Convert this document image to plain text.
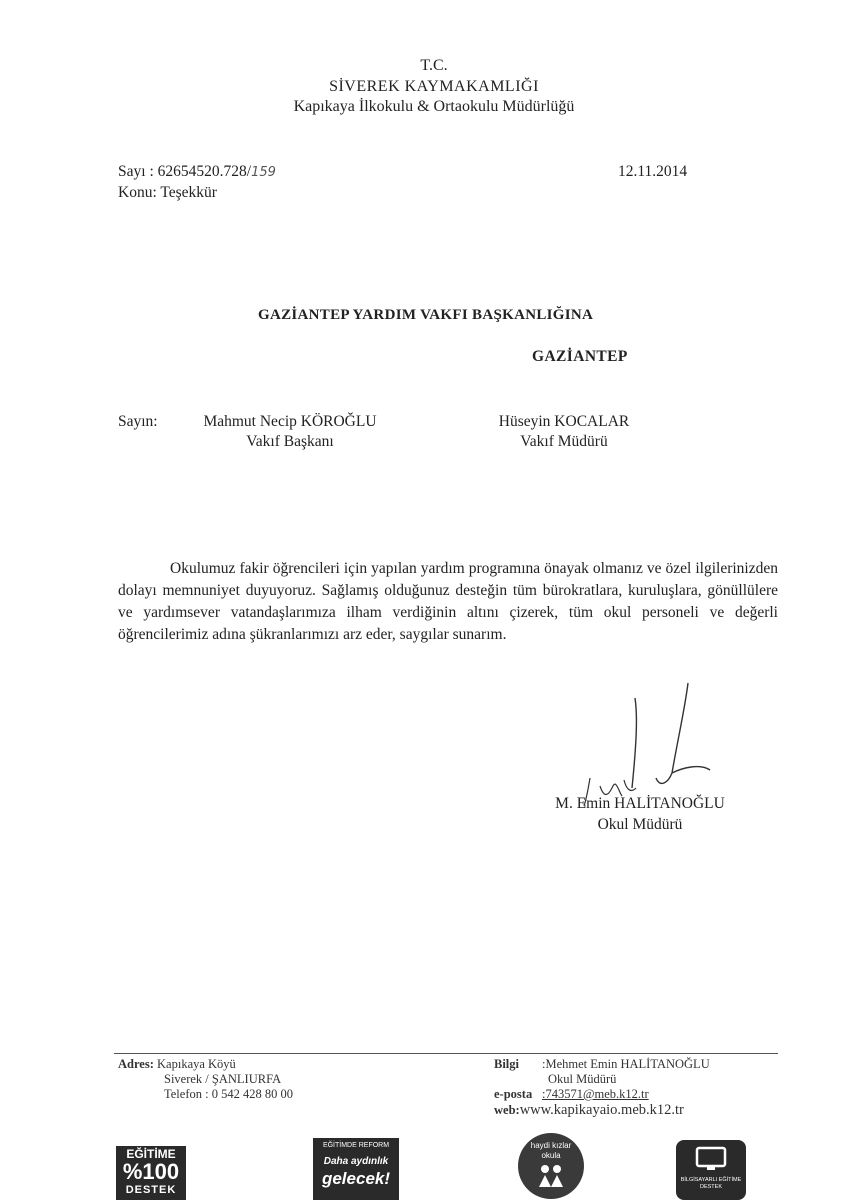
T.C.
SİVEREK KAYMAKAMLIĞI
Kapıkaya İlkokulu & Ortaokulu Müdürlüğü
Sayı : 62654520.728/159	12.11.2014
Konu: Teşekkür
GAZİANTEP YARDIM VAKFI BAŞKANLIĞINA
GAZİANTEP
Sayın:	Mahmut Necip KÖROĞLU
Vakıf Başkanı
Hüseyin KOCALAR
Vakıf Müdürü
Okulumuz fakir öğrencileri için yapılan yardım programına önayak olmanız ve özel ilgilerinizden dolayı memnuniyet duyuyoruz. Sağlamış olduğunuz desteğin tüm bürokratlara, kuruluşlara, gönüllülere ve yardımsever vatandaşlarımıza ilham verdiğinin altını çizerek, tüm okul personeli ve değerli öğrencilerimiz adına şükranlarımızı arz eder, saygılar sunarım.
M. Emin HALİTANOĞLU
Okul Müdürü
Adres: Kapıkaya Köyü
Siverek / ŞANLIURFA
Telefon : 0 542 428 80 00
Bilgi :Mehmet Emin HALİTANOĞLU
Okul Müdürü
e-posta :743571@meb.k12.tr
web:www.kapikayaio.meb.k12.tr
EĞİTİME
%100
DESTEK
EĞİTİMDE REFORM
Daha aydınlık
gelecek!
haydi kızlar okula
BİLGİSAYARLI EĞİTİME DESTEK
